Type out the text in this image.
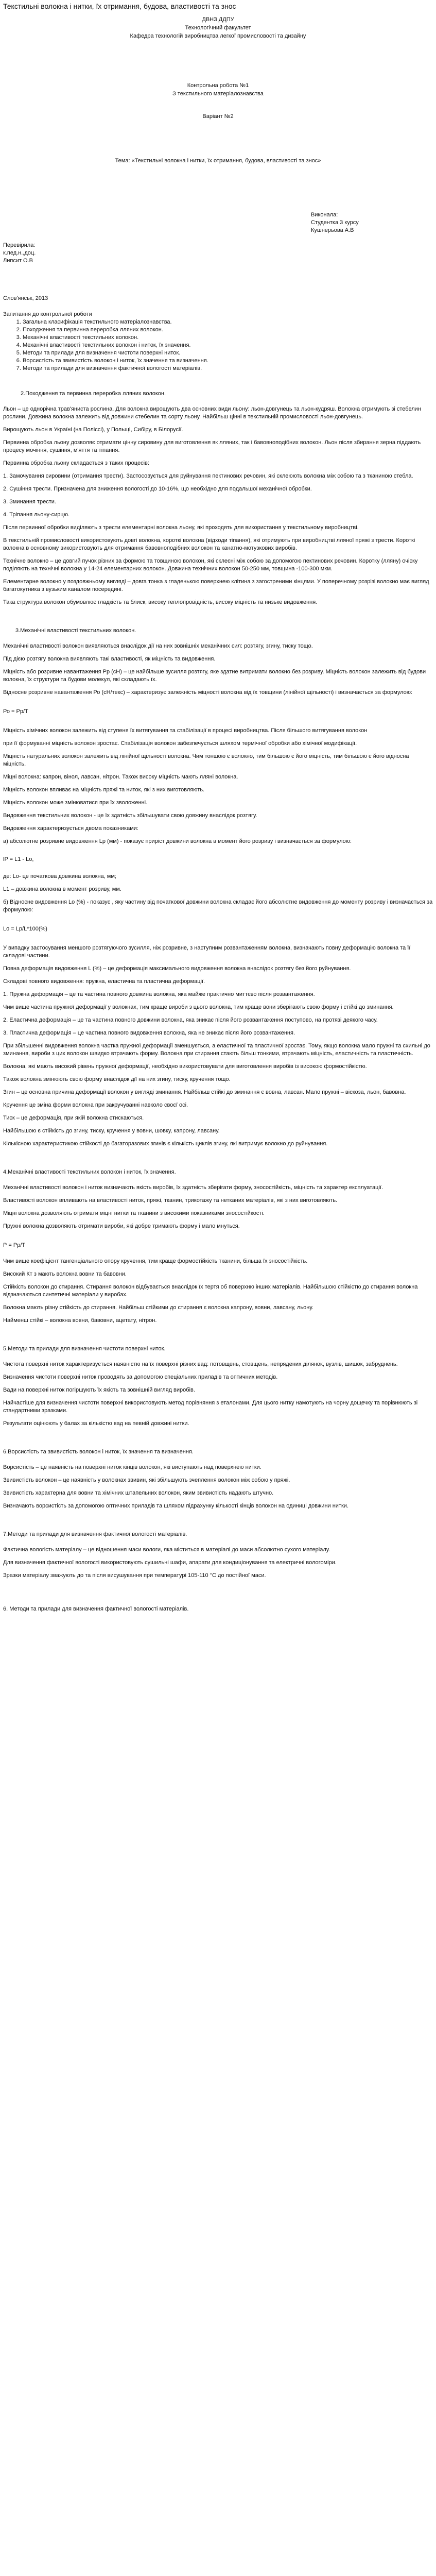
Текстильні волокна і нитки, їх отримання, будова, властивості та знос
ДВНЗ ДДПУ
Технологічний факультет
Кафедра технологій виробництва легкої промисловості та дизайну
Контрольна робота №1
З текстильного матеріалознавства
Варіант №2
Тема: «Текстильні волокна і нитки, їх отримання, будова, властивості та знос»
Виконала:
Студентка 3 курсу
Кушнерьова А.В
Перевірила:
к.пед.н.,доц.
Липсит О.В
Слов'янськ, 2013
Запитання до контрольної роботи
1. Загальна класифікація текстильного матеріалознавства.
2. Походження та первинна переробка лляних волокон.
3. Механічні властивості текстильних волокон.
4. Механічні властивості текстильних волокон і ниток, їх значення.
5. Методи та прилади для визначення чистоти поверхні ниток.
6. Ворсистість та звивистість волокон і ниток, їх значення та визначення.
7. Методи та прилади для визначення фактичної вологості матеріалів.
2.Походження та первинна переробка лляних волокон.

Льон – це однорічна трав'яниста рослина. Для волокна вирощують два основних види льону: льон-довгунець та льон-кудряш. Волокна отримують зі стебелин рослини. Довжина волокна залежить від довжини стебелин та сорту льону. Найбільш цінні в текстильній промисловості льон-довгунець.

Вирощують льон в Україні (на Поліссі), у Польщі, Сибіру, в Білорусії.

Первинна обробка льону дозволяє отримати цінну сировину для виготовлення як лляних, так і бавовноподібних волокон. Льон після збирання зерна піддають процесу мочіння, сушіння, м'яття та тіпання.

Первинна обробка льону складається з таких процесів:

1. Замочування сировини (отримання трести). Застосовується для руйнування пектинових речовин, які склеюють волокна між собою та з тканиною стебла.

2. Сушіння трести. Призначена для зниження вологості до 10-16%, що необхідно для подальшої механічної обробки.

3. Зминання трести.

4. Тріпання льону-сирцю.

Після первинної обробки виділяють з трести елементарні волокна льону, які проходять для використання у текстильному виробництві.

В текстильній промисловості використовують довгі волокна, короткі волокна (відходи тіпання), які отримують при виробництві лляної пряжі з трести. Короткі волокна в основному використовують для отримання бавовноподібних волокон та канатно-мотузкових виробів.

Технічне волокно – це довгий пучок різних за формою та товщиною волокон, які склеєні між собою за допомогою пектинових речовин. Коротку (лляну) очіску поділяють на технічні волокна у 14-24 елементарних волокон. Довжина технічних волокон 50-250 мм, товщина -100-300 мкм.

Елементарне волокно у поздовжньому вигляді – довга тонка з гладенькою поверхнею клітина з загостреними кінцями. У поперечному розрізі волокно має вигляд багатокутника з вузьким каналом посередині.

Така структура волокон обумовлює гладкість та блиск, високу теплопровідність, високу міцність та низьке видовження.

3.Механічні властивості текстильних волокон.

Механічні властивості волокон виявляються внаслідок дії на них зовнішніх механічних сил: розтягу, згину, тиску тощо.

Під дією розтягу волокна виявляють такі властивості, як міцність та видовження.

Міцність або розривне навантаження Рр (сН) – це найбільше зусилля розтягу, яке здатне витримати волокно без розриву. Міцність волокон залежить від будови волокна, їх структури та будови молекул, які складають їх.

Відносне розривне навантаження Ро (сН/текс) – характеризує залежність міцності волокна від їх товщини (лінійної щільності) і визначається за формулою:

Ро = Рр/Т

Міцність хімічних волокон залежить від ступеня їх витягування та стабілізації в процесі виробництва. Після більшого витягування волокон

при її формуванні міцність волокон зростає. Стабілізація волокон забезпечується шляхом термічної обробки або хімічної модифікації.

Міцність натуральних волокон залежить від лінійної щільності волокна. Чим тоншою є волокно, тим більшою є його міцність, тим більшою є його відносна міцність.

Міцні волокна: капрон, вінол, лавсан, нітрон. Також високу міцність мають лляні волокна.

Міцність волокон впливає на міцність пряжі та ниток, які з них виготовляють.

Міцність волокон може змінюватися при їх зволоженні.

Видовження текстильних волокон - це їх здатність збільшувати свою довжину внаслідок розтягу.

Видовження характеризується двома показниками:

а) абсолютне розривне видовження Lp (мм) - показує приріст довжини волокна в момент його розриву і визначається за формулою:

lP = L1 - Lo,

де: Lo- це початкова довжина волокна, мм;

L1 – довжина волокна в момент розриву, мм.

б) Відносне видовження Lo (%) - показує , яку частину від початкової довжини волокна складає його абсолютне видовження до моменту розриву і визначається за формулою:

Lо = Lр/L*100(%)

У випадку застосування меншого розтягуючого зусилля, ніж розривне, з наступним розвантаженням волокна, визначають повну деформацію волокна та її складові частини.

Повна деформація видовження L (%) – це деформація максимального видовження волокна внаслідок розтягу без його руйнування.

Складові повного видовження: пружна, еластична та пластична деформації.

1. Пружна деформація – це та частина повного довжина волокна, яка майже практично миттєво після розвантаження.

Чим вище частина пружної деформації у волокнах, тим краще вироби з цього волокна, тим краще вони зберігають свою форму і стійкі до зминання.

2. Еластична деформація – це та частина повного довжини волокна, яка зникає після його розвантаження поступово, на протязі деякого часу.

3. Пластична деформація – це частина повного видовження волокна, яка не зникає після його розвантаження.

При збільшенні видовження волокна частка пружної деформації зменшується, а еластичної та пластичної зростає. Тому, якщо волокна мало пружні та схильні до зминання, вироби з цих волокон швидко втрачають форму. Волокна при стирання стають більш тонкими, втрачають міцність, еластичність та пластичність.

Волокна, які мають високий рівень пружної деформації, необхідно використовувати для виготовлення виробів із високою формостійкістю.

Також волокна змінюють свою форму внаслідок дії на них згину, тиску, кручення тощо.

Згин – це основна причина деформації волокон у вигляді зминання. Найбільш стійкі до зминання є вовна, лавсан. Мало пружні – віскоза, льон, бавовна.

Кручення це зміна форми волокна при закручуванні навколо своєї осі.

Тиск – це деформація, при якій волокна стискаються.

Найбільшою є стійкість до згину, тиску, кручення у вовни, шовку, капрону, лавсану.

Кількісною характеристикою стійкості до багаторазових згинів є кількість циклів згину, які витримує волокно до руйнування.

4.Механічні властивості текстильних волокон і ниток, їх значення.

Механічні властивості волокон і ниток визначають якість виробів, їх здатність зберігати форму, зносостійкість, міцність та характер експлуатації.

Властивості волокон впливають на властивості ниток, пряжі, тканин, трикотажу та нетканих матеріалів, які з них виготовляють.

Міцні волокна дозволяють отримати міцні нитки та тканини з високими показниками зносостійкості.

Пружні волокна дозволяють отримати вироби, які добре тримають форму і мало мнуться.

Р = Рр/Т

Чим вище коефіцієнт тангенціального опору кручення, тим краще формостійкість тканини, більша їх зносостійкість.

Високий Кт з мають волокна вовни та бавовни.

Стійкість волокон до стирання. Стирання волокон відбувається внаслідок їх тертя об поверхню інших матеріалів. Найбільшою стійкістю до стирання волокна відзначаються синтетичні матеріали у виробах.

Волокна мають різну стійкість до стирання. Найбільш стійкими до стирання є волокна капрону, вовни, лавсану, льону.

Найменш стійкі – волокна вовни, бавовни, ацетату, нітрон.

5.Методи та прилади для визначення чистоти поверхні ниток.

Чистота поверхні ниток характеризується наявністю на їх поверхні різних вад: потовщень, стовщень, непрядених ділянок, вузлів, шишок, забруднень.

Визначення чистоти поверхні ниток проводять за допомогою спеціальних приладів та оптичних методів.

Вади на поверхні ниток погіршують їх якість та зовнішній вигляд виробів.

Найчастіше для визначення чистоти поверхні використовують метод порівняння з еталонами. Для цього нитку намотують на чорну дощечку та порівнюють зі стандартними зразками.

Результати оцінюють у балах за кількістю вад на певній довжині нитки.

6.Ворсистість та звивистість волокон і ниток, їх значення та визначення.

Ворсистість – це наявність на поверхні ниток кінців волокон, які виступають над поверхнею нитки.

Звивистість волокон – це наявність у волокнах звивин, які збільшують зчеплення волокон між собою у пряжі.

Звивистість характерна для вовни та хімічних штапельних волокон, яким звивистість надають штучно.

Визначають ворсистість за допомогою оптичних приладів та шляхом підрахунку кількості кінців волокон на одиниці довжини нитки.

7.Методи та прилади для визначення фактичної вологості матеріалів.

Фактична вологість матеріалу – це відношення маси вологи, яка міститься в матеріалі до маси абсолютно сухого матеріалу.

Для визначення фактичної вологості використовують сушильні шафи, апарати для кондиціонування та електричні вологоміри.

Зразки матеріалу зважують до та після висушування при температурі 105-110 °C до постійної маси.

6. Методи та прилади для визначення фактичної вологості матеріалів.
